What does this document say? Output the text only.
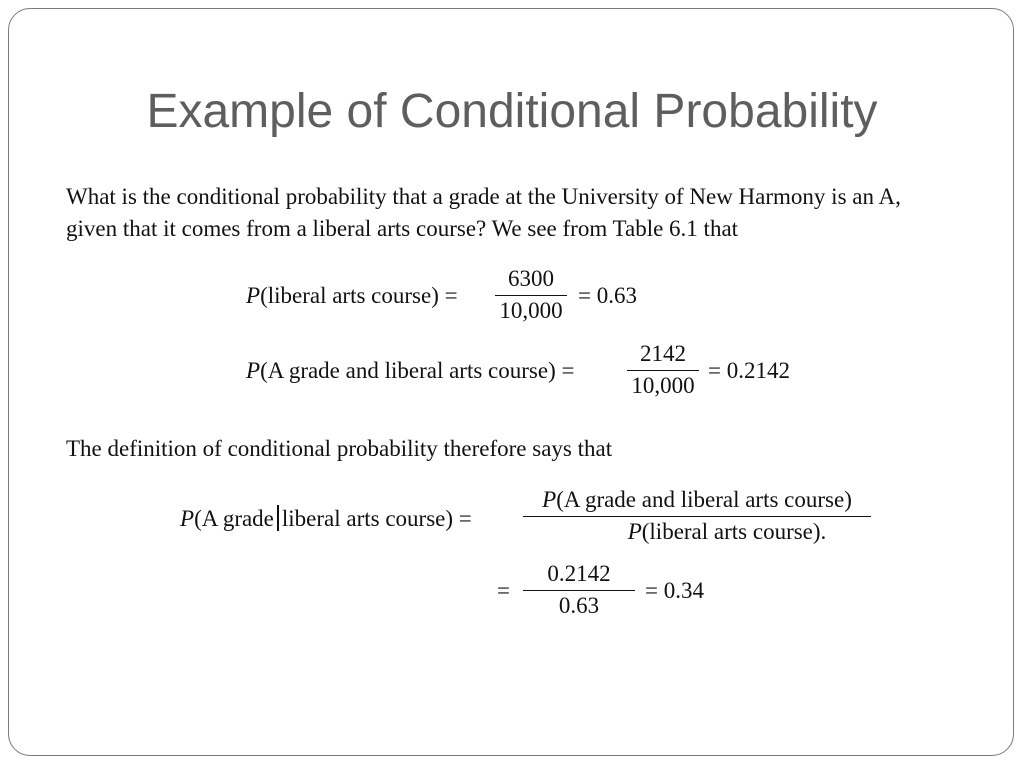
Example of Conditional Probability
What is the conditional probability that a grade at the University of New Harmony is an A,
given that it comes from a liberal arts course? We see from Table 6.1 that
P(liberal arts course) =
6300
10,000
= 0.63
P(A grade and liberal arts course) =
2142
10,000
= 0.2142
The definition of conditional probability therefore says that
P(A grade liberal arts course) =
P(A grade and liberal arts course)
P(liberal arts course).
=
0.2142
0.63
= 0.34
